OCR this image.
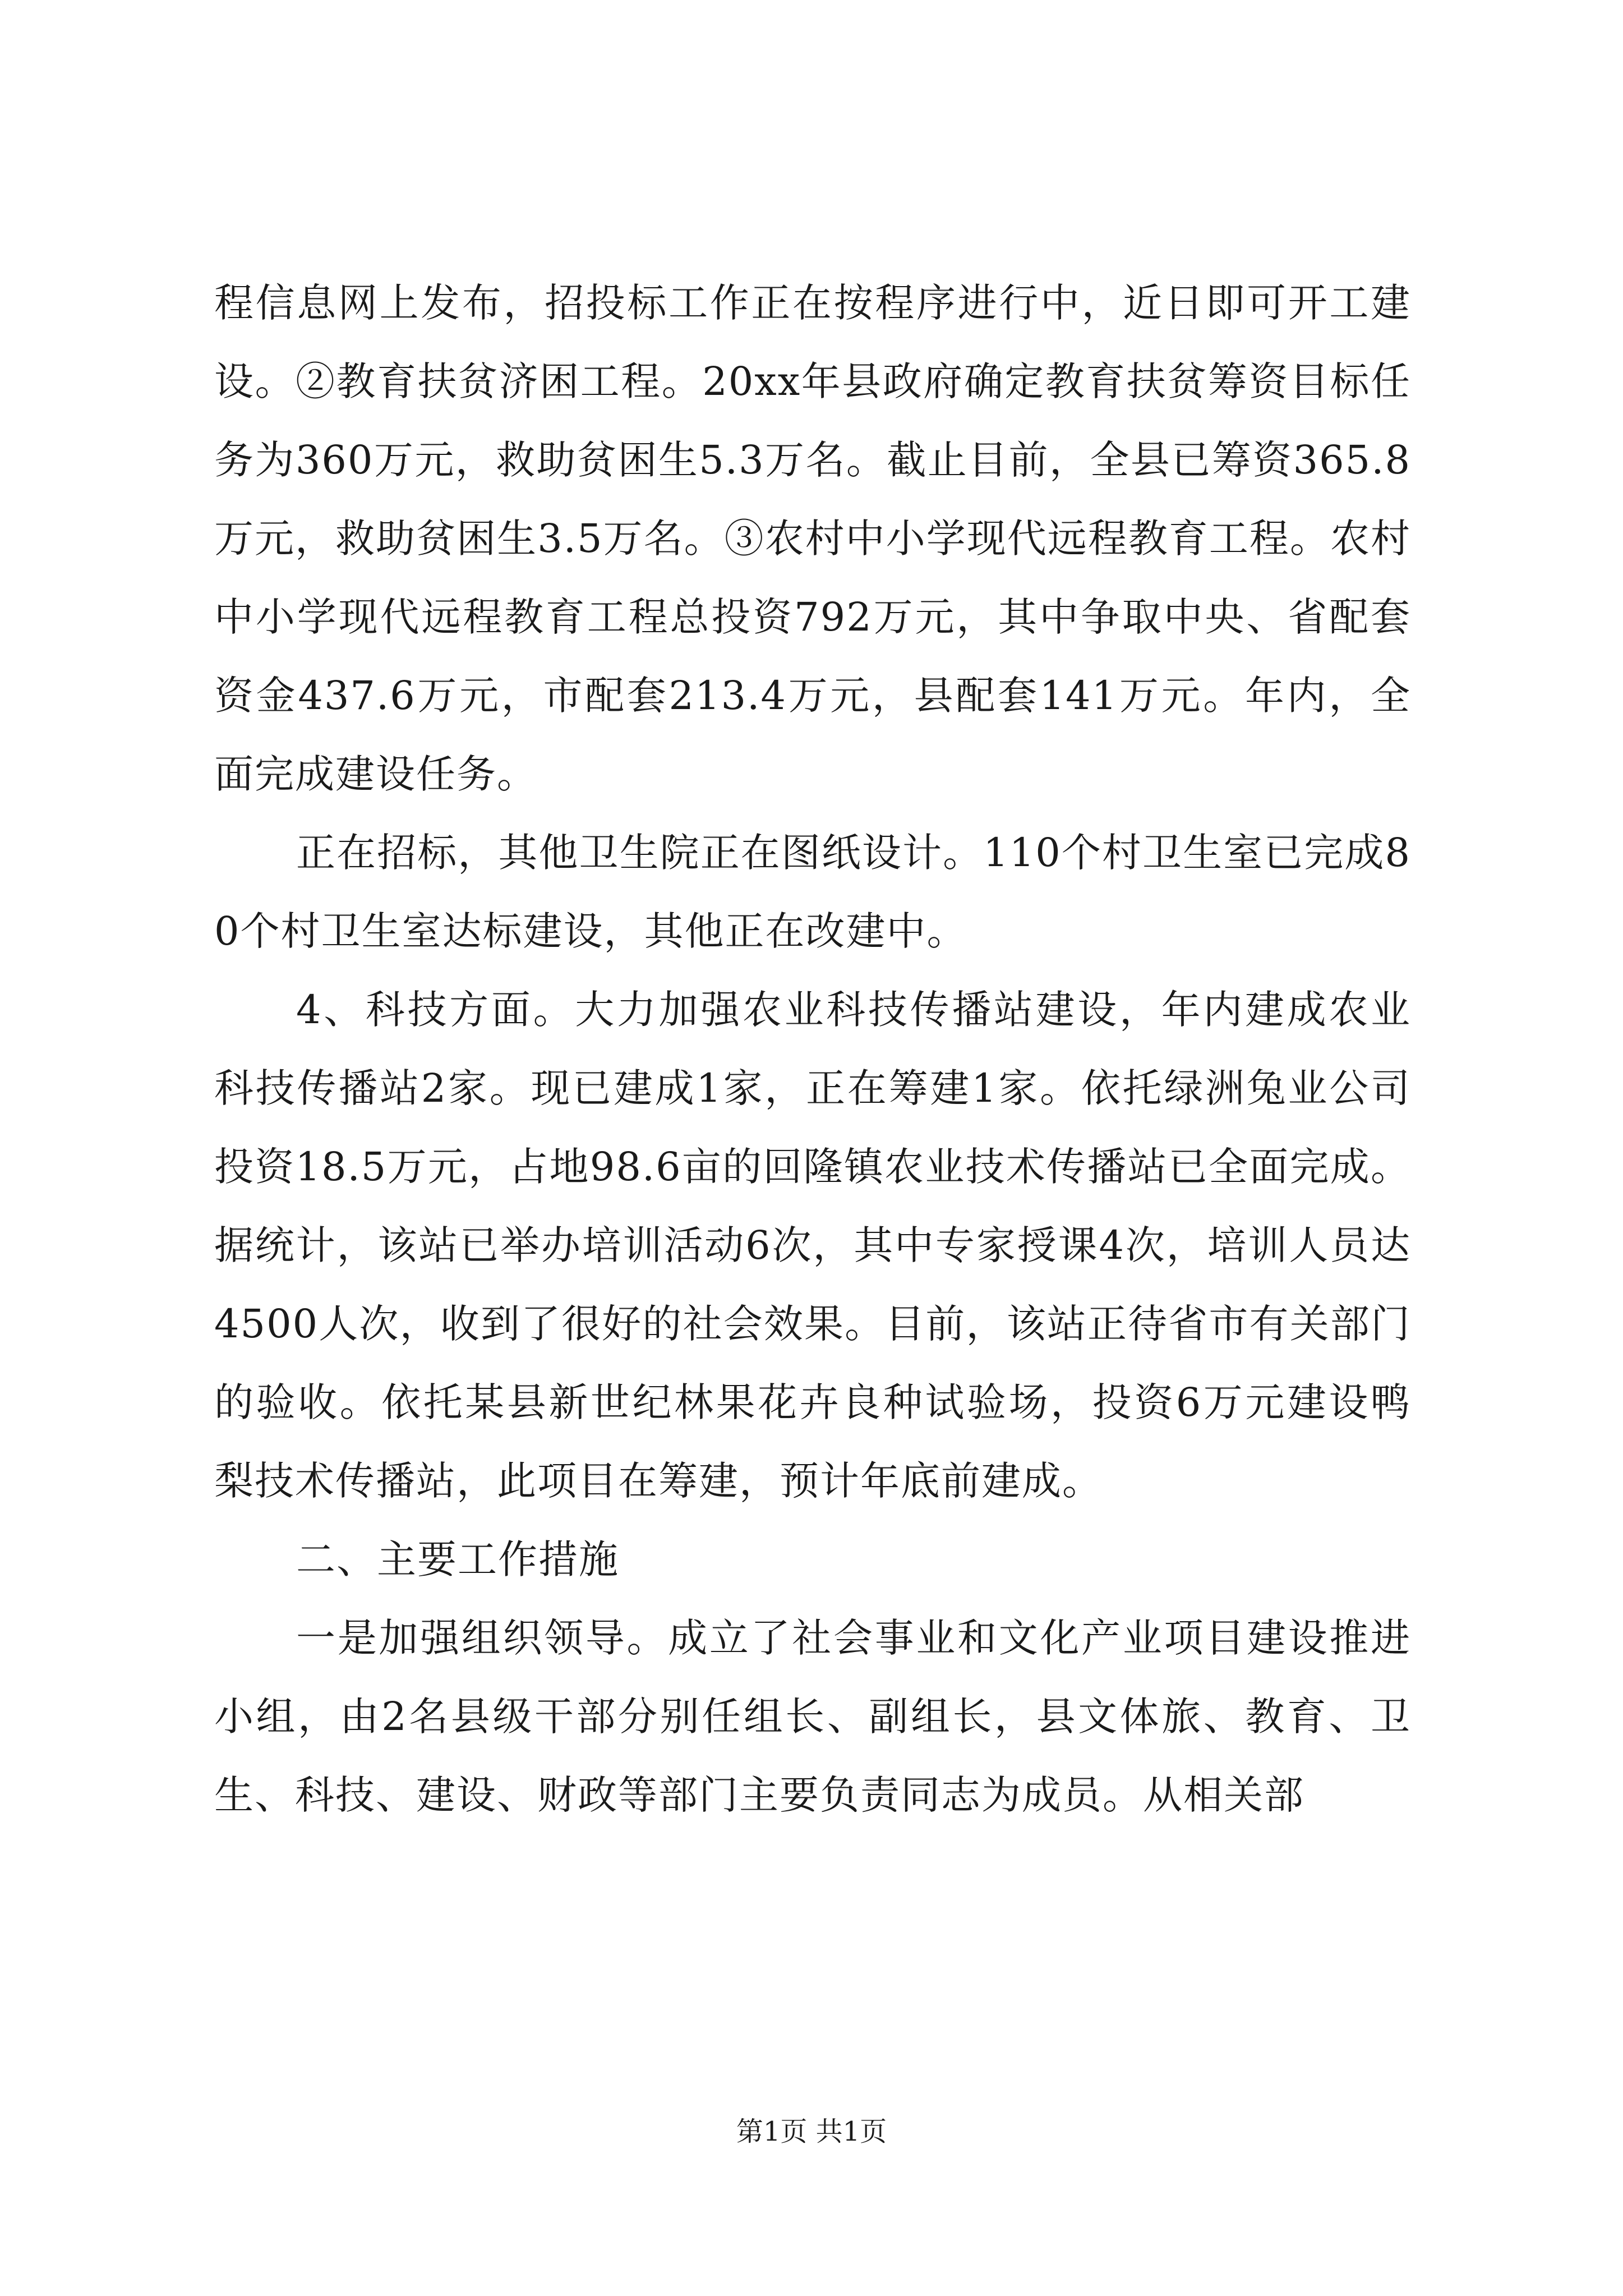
程信息网上发布，招投标工作正在按程序进行中，近日即可开工建设。②教育扶贫济困工程。20xx年县政府确定教育扶贫筹资目标任务为360万元，救助贫困生5.3万名。截止目前，全县已筹资365.8万元，救助贫困生3.5万名。③农村中小学现代远程教育工程。农村中小学现代远程教育工程总投资792万元，其中争取中央、省配套资金437.6万元，市配套213.4万元，县配套141万元。年内，全面完成建设任务。

正在招标，其他卫生院正在图纸设计。110个村卫生室已完成80个村卫生室达标建设，其他正在改建中。

4、科技方面。大力加强农业科技传播站建设，年内建成农业科技传播站2家。现已建成1家，正在筹建1家。依托绿洲兔业公司投资18.5万元，占地98.6亩的回隆镇农业技术传播站已全面完成。据统计，该站已举办培训活动6次，其中专家授课4次，培训人员达4500人次，收到了很好的社会效果。目前，该站正待省市有关部门的验收。依托某县新世纪林果花卉良种试验场，投资6万元建设鸭梨技术传播站，此项目在筹建，预计年底前建成。

二、主要工作措施

一是加强组织领导。成立了社会事业和文化产业项目建设推进小组，由2名县级干部分别任组长、副组长，县文体旅、教育、卫生、科技、建设、财政等部门主要负责同志为成员。从相关部

第1页 共1页
